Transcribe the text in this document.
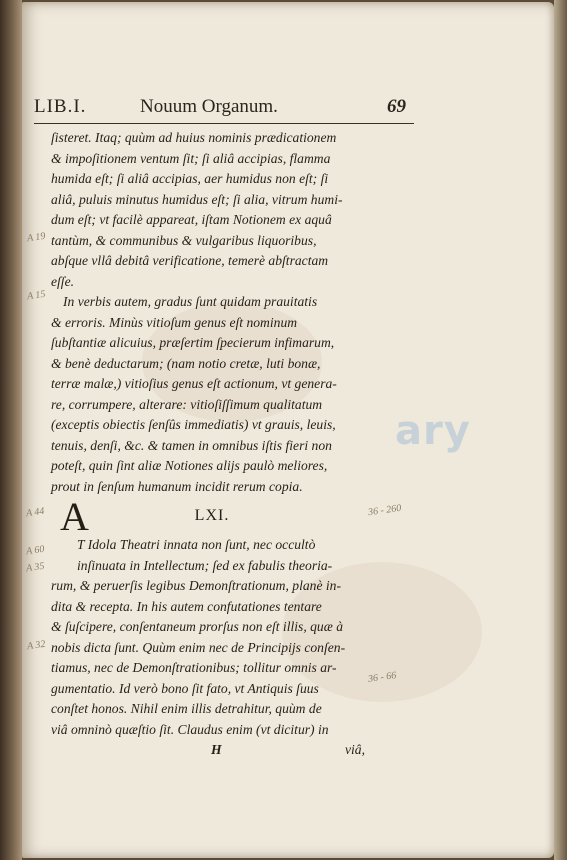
LIB.I.	Nouum Organum.	69
ſisteret. Itaq; quùm ad huius nominis prædicationem
& impoſitionem ventum ſit; ſi aliâ accipias, flamma
humida eſt; ſi aliâ accipias, aer humidus non eſt; ſi
aliâ, puluis minutus humidus eſt; ſi alia, vitrum humi-
dum eſt; vt facilè appareat, iſtam Notionem ex aquâ
tantùm, & communibus & vulgaribus liquoribus,
abſque vllâ debitâ verificatione, temerè abſtractam
eſſe.
In verbis autem, gradus ſunt quidam prauitatis
& erroris. Minùs vitioſum genus eſt nominum
ſubſtantiæ alicuius, præſertim ſpecierum infimarum,
& benè deductarum; (nam notio cretæ, luti bonæ,
terræ malæ,) vitioſius genus eſt actionum, vt genera-
re, corrumpere, alterare: vitioſiſſimum qualitatum
(exceptis obiectis ſenſûs immediatis) vt grauis, leuis,
tenuis, denſi, &c. & tamen in omnibus iſtis fieri non
poteſt, quin ſint aliæ Notiones alijs paulò meliores,
prout in ſenſum humanum incidit rerum copia.
LXI.
T Idola Theatri innata non ſunt, nec occultò
inſinuata in Intellectum; ſed ex fabulis theoria-
rum, & peruerſis legibus Demonſtrationum, planè in-
dita & recepta. In his autem confutationes tentare
& ſuſcipere, conſentaneum prorſus non eſt illis, quæ à
nobis dicta ſunt. Quùm enim nec de Principijs conſen-
tiamus, nec de Demonſtrationibus; tollitur omnis ar-
gumentatio. Id verò bono ſit fato, vt Antiquis ſuus
conſtet honos. Nihil enim illis detrahitur, quùm de
viâ omninò quæſtio ſit. Claudus enim (vt dicitur) in
H	viâ,
A
ary
A 19
A 15
A 44
A 60
A 35
A 32
36 - 260
36 - 66
